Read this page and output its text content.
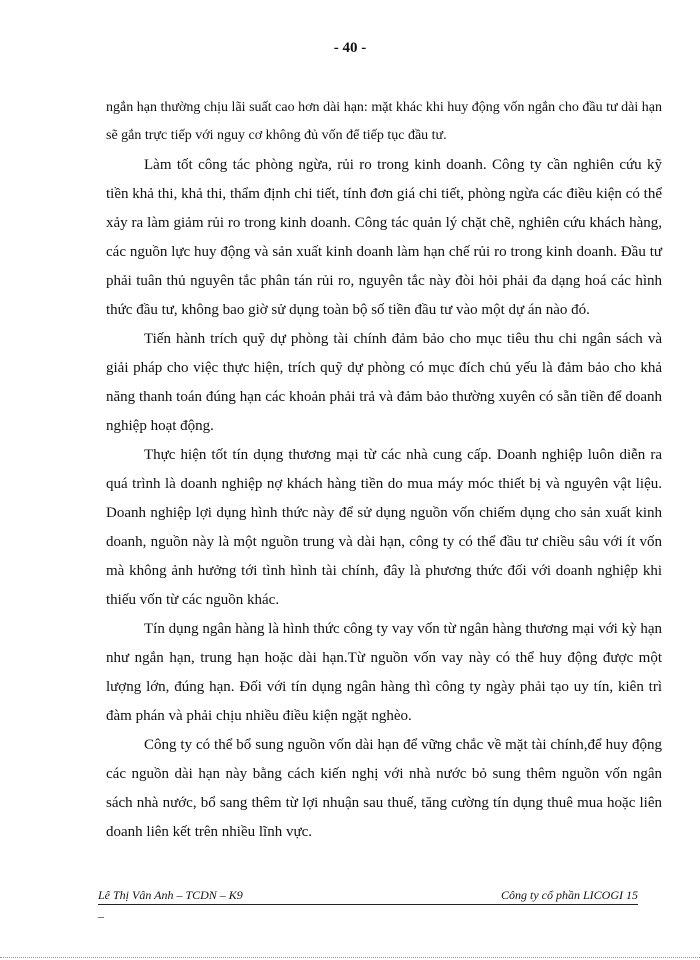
- 40 -

ngắn hạn thường chịu lãi suất cao hơn dài hạn: mặt khác khi huy động vốn ngắn cho đầu tư dài hạn sẽ gắn trực tiếp với nguy cơ không đủ vốn để tiếp tục đầu tư.

Làm tốt công tác phòng ngừa, rủi ro trong kinh doanh. Công ty cần nghiên cứu kỹ tiền khả thi, khả thi, thẩm định chi tiết, tính đơn giá chi tiết, phòng ngừa các điều kiện có thể xảy ra làm giảm rủi ro trong kinh doanh. Công tác quản lý chặt chẽ, nghiên cứu khách hàng, các nguồn lực huy động và sản xuất kinh doanh làm hạn chế rủi ro trong kinh doanh. Đầu tư phải tuân thủ nguyên tắc phân tán rủi ro, nguyên tắc này đòi hỏi phải đa dạng hoá các hình thức đầu tư, không bao giờ sử dụng toàn bộ số tiền đầu tư vào một dự án nào đó.

Tiến hành trích quỹ dự phòng tài chính đảm bảo cho mục tiêu thu chi ngân sách và giải pháp cho việc thực hiện, trích quỹ dự phòng có mục đích chủ yếu là đảm bảo cho khả năng thanh toán đúng hạn các khoản phải trả và đảm bảo thường xuyên có sẵn tiền để doanh nghiệp hoạt động.

Thực hiện tốt tín dụng thương mại từ các nhà cung cấp. Doanh nghiệp luôn diễn ra quá trình là doanh nghiệp nợ khách hàng tiền do mua máy móc thiết bị và nguyên vật liệu. Doanh nghiệp lợi dụng hình thức này để sử dụng nguồn vốn chiếm dụng cho sản xuất kinh doanh, nguồn này là một nguồn trung và dài hạn, công ty có thể đầu tư chiều sâu với ít vốn mà không ảnh hưởng tới tình hình tài chính, đây là phương thức đối với doanh nghiệp khi thiếu vốn từ các nguồn khác.

Tín dụng ngân hàng là hình thức công ty vay vốn từ ngân hàng thương mại với kỳ hạn như ngắn hạn, trung hạn hoặc dài hạn.Từ nguồn vốn vay này có thể huy động được một lượng lớn, đúng hạn. Đối với tín dụng ngân hàng thì công ty ngày phải tạo uy tín, kiên trì đàm phán và phải chịu nhiều điều kiện ngặt nghèo.

Công ty có thể bổ sung nguồn vốn dài hạn để vững chắc về mặt tài chính,để huy động các nguồn dài hạn này bằng cách kiến nghị với nhà nước bỏ sung thêm nguồn vốn ngân sách nhà nước, bổ sang thêm từ lợi nhuận sau thuế, tăng cường tín dụng thuê mua hoặc liên doanh liên kết trên nhiều lĩnh vực.

Lê Thị Vân Anh – TCDN – K9	Công ty cổ phần LICOGI 15
_
